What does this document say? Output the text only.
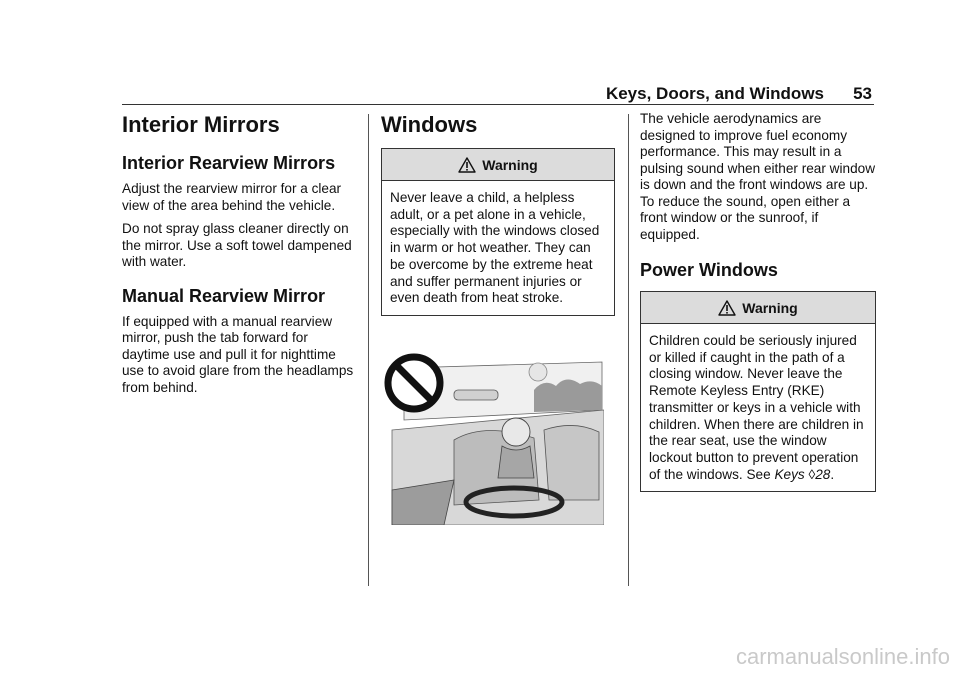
Keys, Doors, and Windows 53
Interior Mirrors
Interior Rearview Mirrors

Adjust the rearview mirror for a clear view of the area behind the vehicle.

Do not spray glass cleaner directly on the mirror. Use a soft towel dampened with water.

Manual Rearview Mirror

If equipped with a manual rearview mirror, push the tab forward for daytime use and pull it for nighttime use to avoid glare from the headlamps from behind.

Windows
Warning
Never leave a child, a helpless adult, or a pet alone in a vehicle, especially with the windows closed in warm or hot weather. They can be overcome by the extreme heat and suffer permanent injuries or even death from heat stroke.

The vehicle aerodynamics are designed to improve fuel economy performance. This may result in a pulsing sound when either rear window is down and the front windows are up. To reduce the sound, open either a front window or the sunroof, if equipped.

Power Windows
Warning
Children could be seriously injured or killed if caught in the path of a closing window. Never leave the Remote Keyless Entry (RKE) transmitter or keys in a vehicle with children. When there are children in the rear seat, use the window lockout button to prevent operation of the windows. See Keys ◊28.
carmanualsonline.info
